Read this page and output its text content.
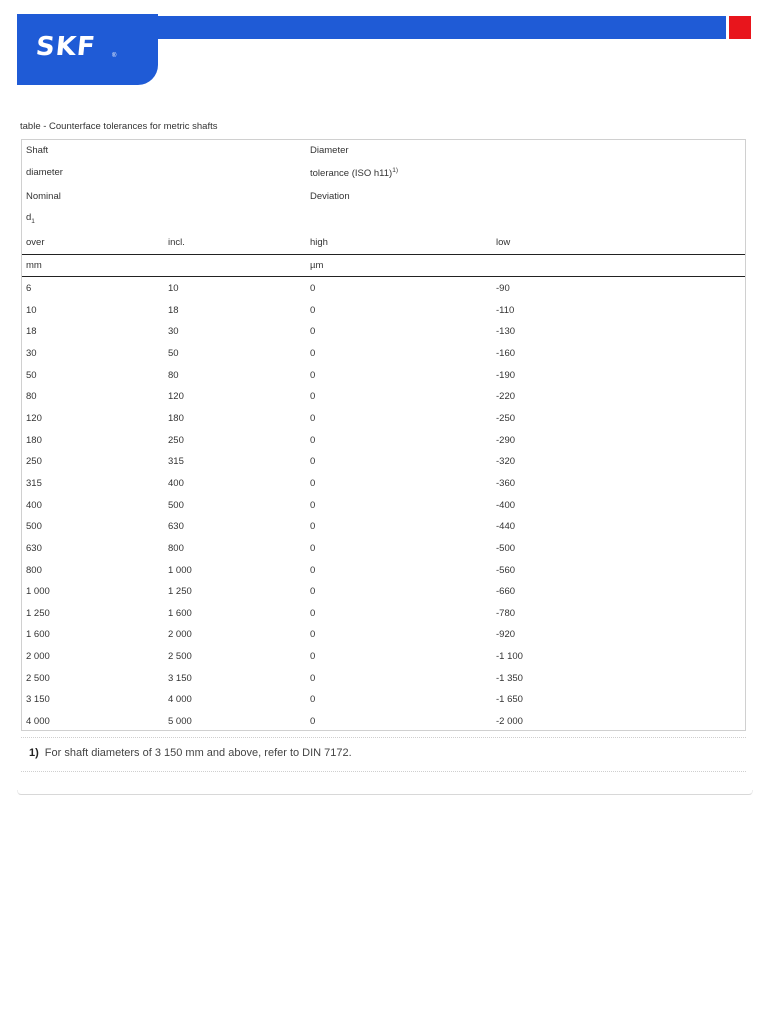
SKF ®
table - Counterface tolerances for metric shafts
Shaft	Diameter
diameter	tolerance (ISO h11)$^{1)}$
Nominal	Deviation
$d_1$
over	incl.	high	low
mm	µm
6	10	0	-90
10	18	0	-110
18	30	0	-130
30	50	0	-160
50	80	0	-190
80	120	0	-220
120	180	0	-250
180	250	0	-290
250	315	0	-320
315	400	0	-360
400	500	0	-400
500	630	0	-440
630	800	0	-500
800	1 000	0	-560
1 000	1 250	0	-660
1 250	1 600	0	-780
1 600	2 000	0	-920
2 000	2 500	0	-1 100
2 500	3 150	0	-1 350
3 150	4 000	0	-1 650
4 000	5 000	0	-2 000
1) For shaft diameters of 3 150 mm and above, refer to DIN 7172.
